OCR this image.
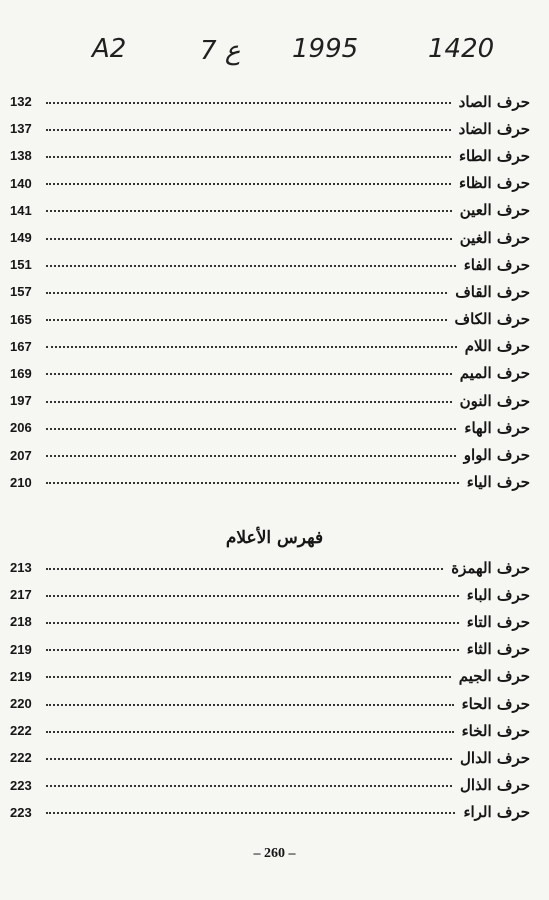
A2	7 ع 1995	1420
132	حرف الصاد
137	حرف الضاد
138	حرف الطاء
140	حرف الظاء
141	حرف العين
149	حرف الغين
151	حرف الفاء
157	حرف القاف
165	حرف الكاف
167	حرف اللام
169	حرف الميم
197	حرف النون
206	حرف الهاء
207	حرف الواو
210	حرف الياء
فهرس الأعلام
213	حرف الهمزة
217	حرف الباء
218	حرف التاء
219	حرف الثاء
219	حرف الجيم
220	حرف الحاء
222	حرف الخاء
222	حرف الدال
223	حرف الذال
223	حرف الراء
– 260 –
